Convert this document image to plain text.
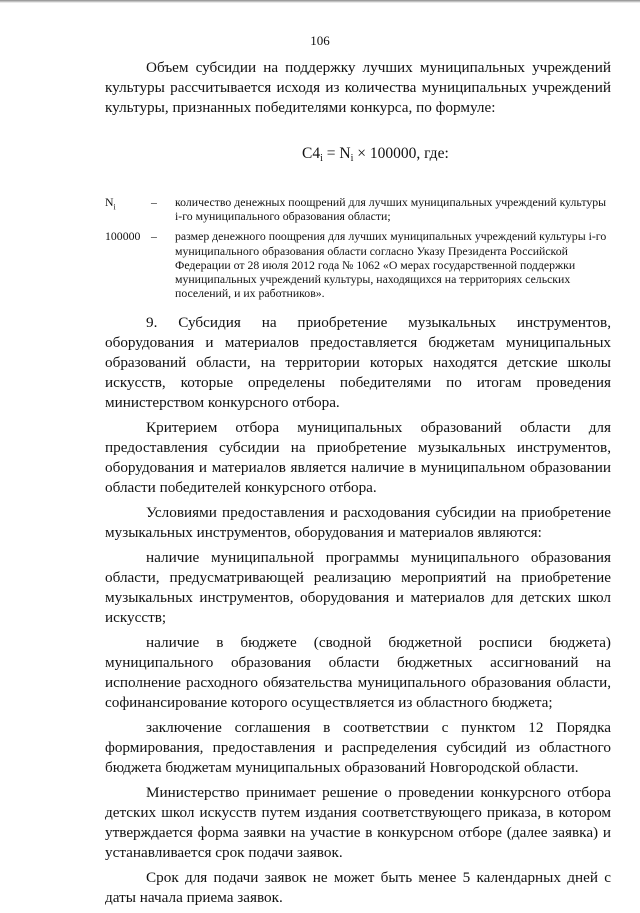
106

Объем субсидии на поддержку лучших муниципальных учреждений культуры рассчитывается исходя из количества муниципальных учреждений культуры, признанных победителями конкурса, по формуле:

$С4_i = N_i \times 100000$, где:
$N_i$	–	количество денежных поощрений для лучших муниципальных учреждений культуры i-го муниципального образования области;
100000 –	размер денежного поощрения для лучших муниципальных учреждений культуры i-го муниципального образования области согласно Указу Президента Российской Федерации от 28 июля 2012 года № 1062 «О мерах государственной поддержки муниципальных учреждений культуры, находящихся на территориях сельских поселений, и их работников».

9. Субсидия на приобретение музыкальных инструментов, оборудования и материалов предоставляется бюджетам муниципальных образований области, на территории которых находятся детские школы искусств, которые определены победителями по итогам проведения министерством конкурсного отбора.

Критерием отбора муниципальных образований области для предоставления субсидии на приобретение музыкальных инструментов, оборудования и материалов является наличие в муниципальном образовании области победителей конкурсного отбора.

Условиями предоставления и расходования субсидии на приобретение музыкальных инструментов, оборудования и материалов являются:

наличие муниципальной программы муниципального образования области, предусматривающей реализацию мероприятий на приобретение музыкальных инструментов, оборудования и материалов для детских школ искусств;

наличие в бюджете (сводной бюджетной росписи бюджета) муниципального образования области бюджетных ассигнований на исполнение расходного обязательства муниципального образования области, софинансирование которого осуществляется из областного бюджета;

заключение соглашения в соответствии с пунктом 12 Порядка формирования, предоставления и распределения субсидий из областного бюджета бюджетам муниципальных образований Новгородской области.

Министерство принимает решение о проведении конкурсного отбора детских школ искусств путем издания соответствующего приказа, в котором утверждается форма заявки на участие в конкурсном отборе (далее заявка) и устанавливается срок подачи заявок.

Срок для подачи заявок не может быть менее 5 календарных дней с даты начала приема заявок.
